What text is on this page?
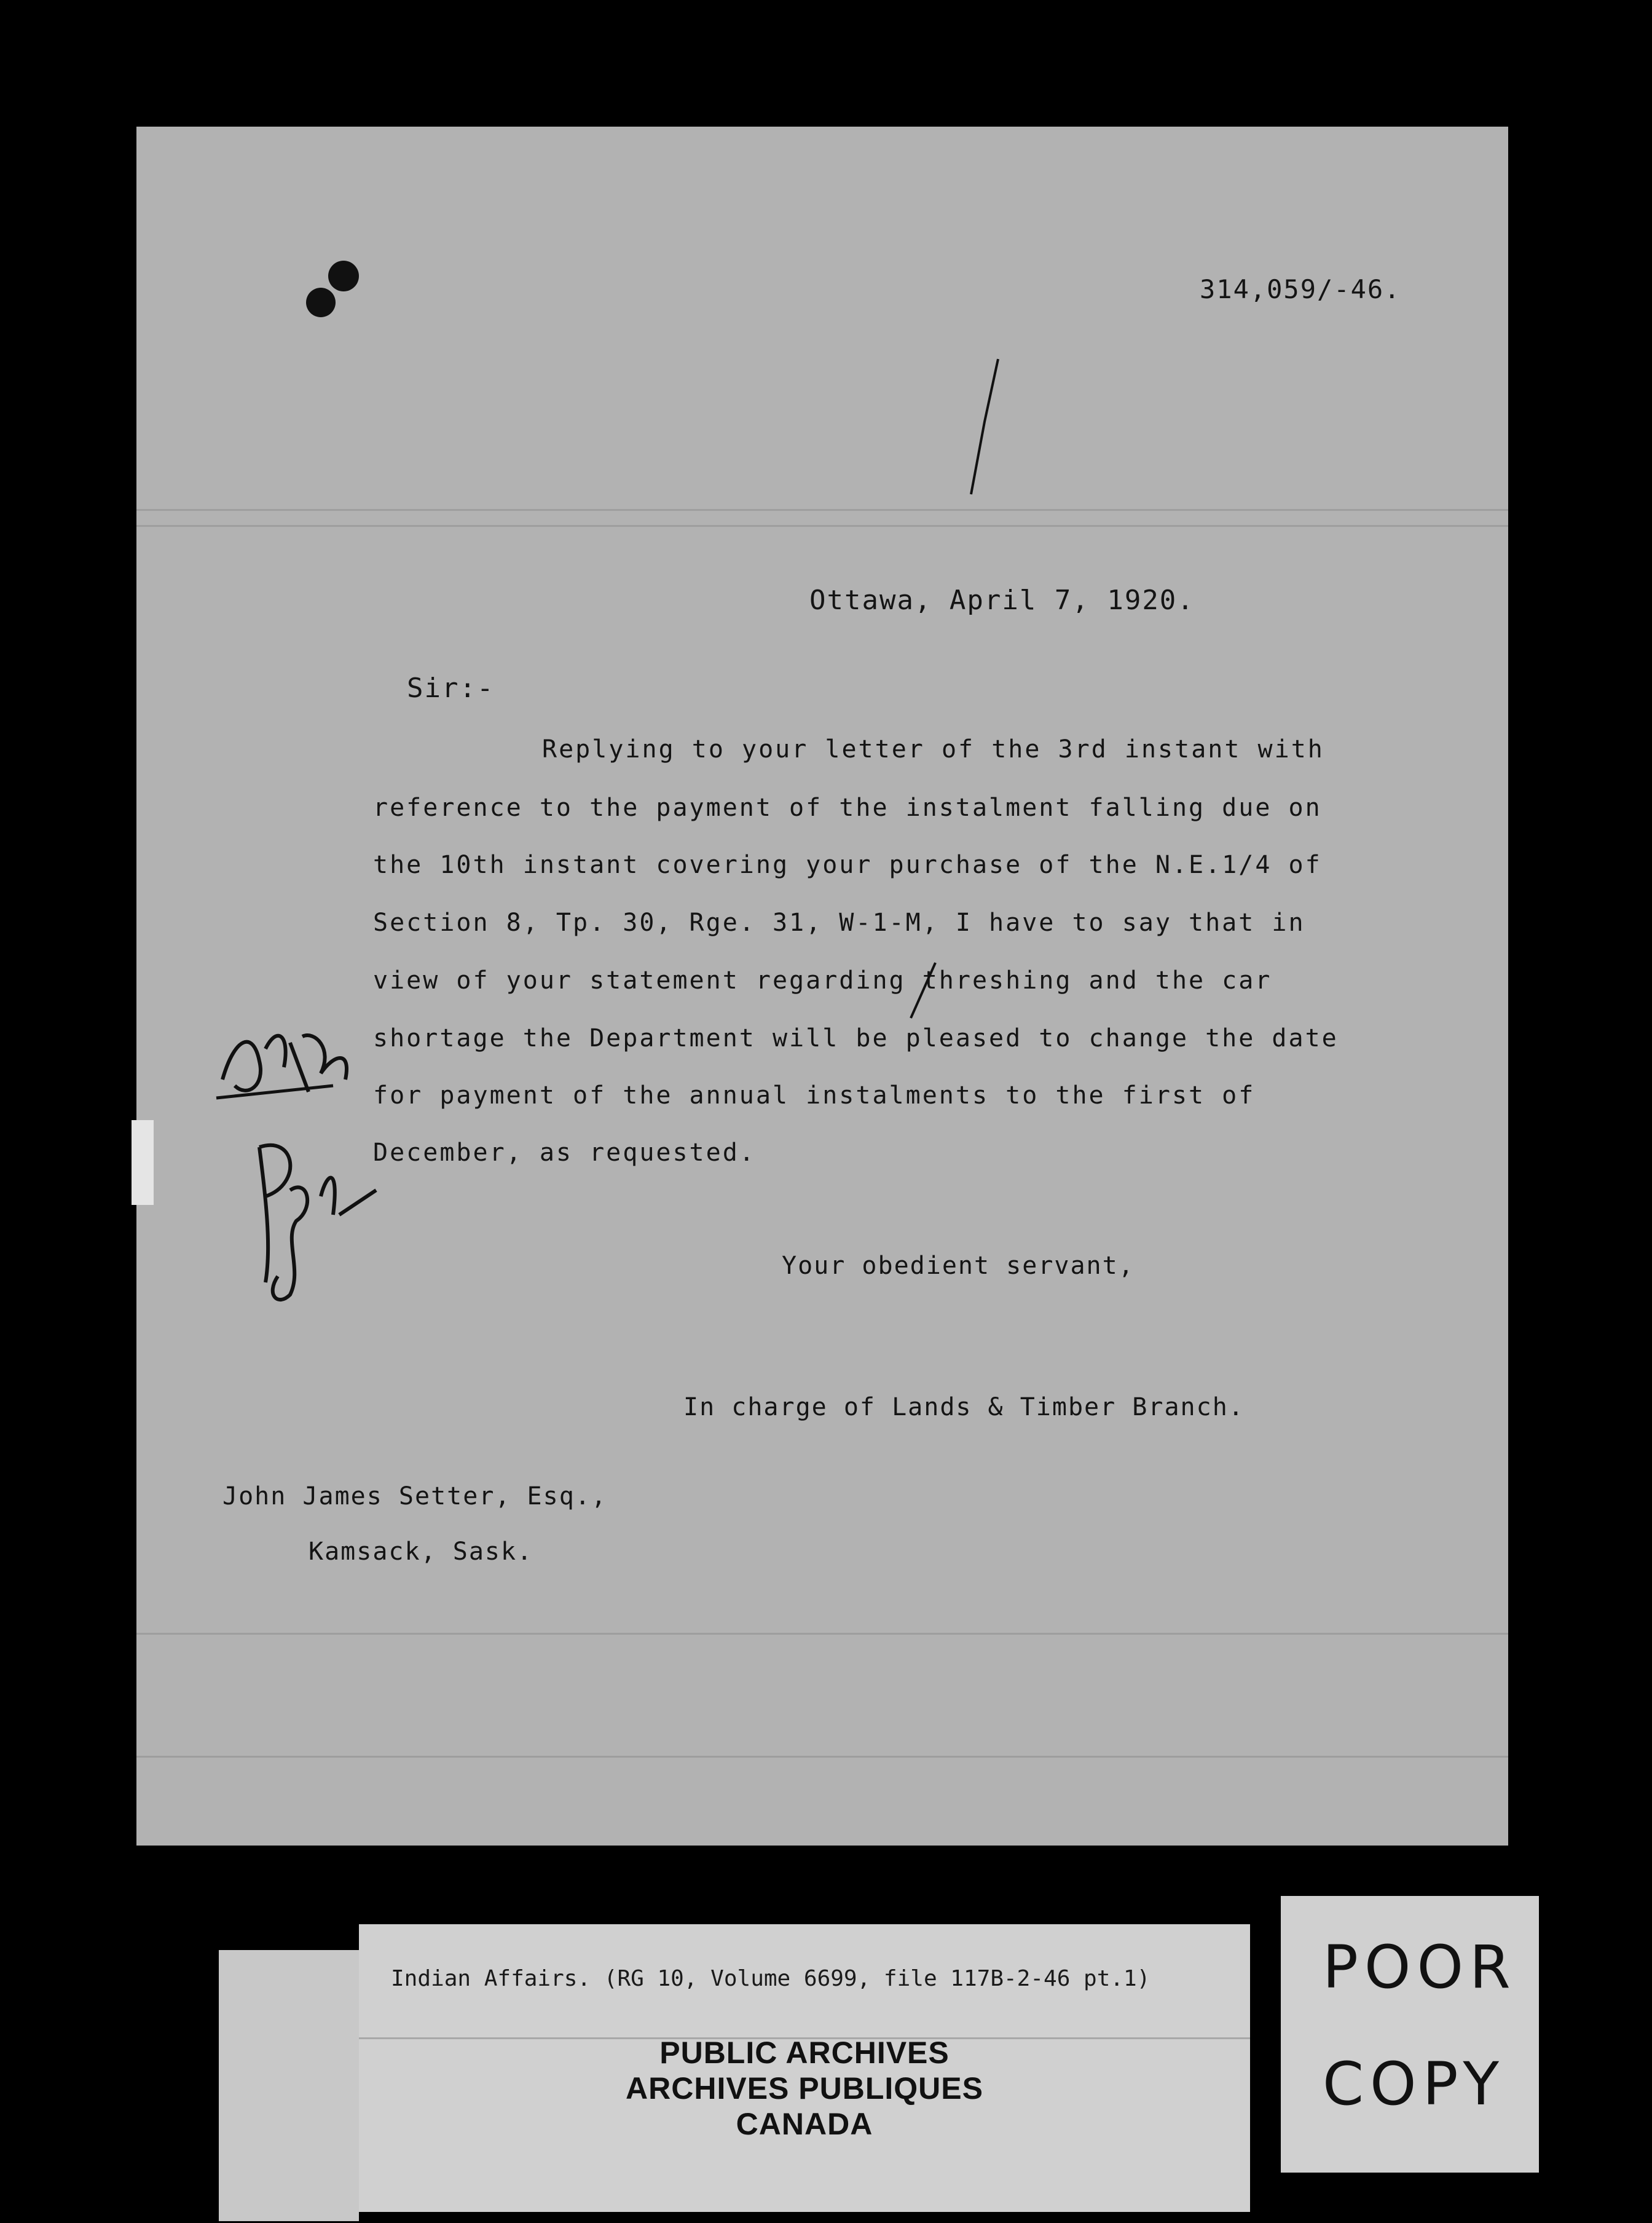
314,059/-46.
Ottawa, April 7, 1920.
Sir:-
Replying to your letter of the 3rd instant with
reference to the payment of the instalment falling due on
the 10th instant covering your purchase of the N.E.1/4 of
Section 8, Tp. 30, Rge. 31, W-1-M, I have to say that in
view of your statement regarding threshing and the car
shortage the Department will be pleased to change the date
for payment of the annual instalments to the first of
December, as requested.
Your obedient servant,
In charge of Lands & Timber Branch.
John James Setter, Esq.,
Kamsack, Sask.
Indian Affairs. (RG 10, Volume 6699, file 117B-2-46 pt.1)
PUBLIC ARCHIVES
ARCHIVES PUBLIQUES
CANADA
POOR
COPY
